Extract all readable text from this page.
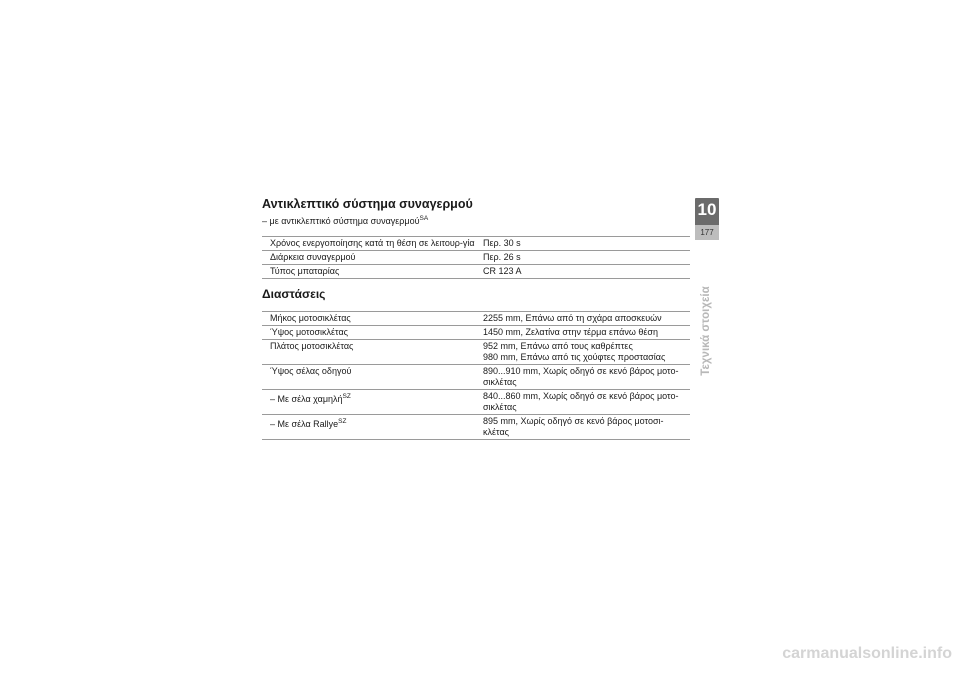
Αντικλεπτικό σύστημα συναγερμού
– με αντικλεπτικό σύστημα συναγερμού$^{SA}$
Χρόνος ενεργοποίησης κατά τη θέση σε λειτουρ-γία	Περ. 30 s

Διάρκεια συναγερμού	Περ. 26 s

Τύπος μπαταρίας	CR 123 A
Διαστάσεις
Μήκος μοτοσικλέτας	2255 mm, Επάνω από τη σχάρα αποσκευών

Ύψος μοτοσικλέτας	1450 mm, Ζελατίνα στην τέρμα επάνω θέση

Πλάτος μοτοσικλέτας	952 mm, Επάνω από τους καθρέπτες
980 mm, Επάνω από τις χούφτες προστασίας

Ύψος σέλας οδηγού	890...910 mm, Χωρίς οδηγό σε κενό βάρος μοτο-σικλέτας

– Με σέλα χαμηλή$^{SZ}$	840...860 mm, Χωρίς οδηγό σε κενό βάρος μοτο-σικλέτας

– Με σέλα Rallye$^{SZ}$	895 mm, Χωρίς οδηγό σε κενό βάρος μοτοσι-κλέτας
10
177
Τεχνικά στοιχεία
carmanualsonline.info
